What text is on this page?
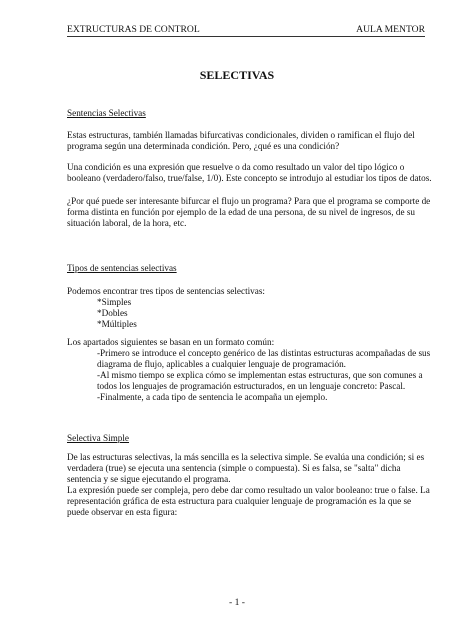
EXTRUCTURAS DE CONTROL	AULA MENTOR
SELECTIVAS
Sentencias Selectivas
Estas estructuras, también llamadas bifurcativas condicionales, dividen o ramifican el flujo del programa según una determinada condición. Pero, ¿qué es una condición?
Una condición es una expresión que resuelve o da como resultado un valor del tipo lógico o booleano (verdadero/falso, true/false, 1/0). Este concepto se introdujo al estudiar los tipos de datos.
¿Por qué puede ser interesante bifurcar el flujo un programa? Para que el programa se comporte de forma distinta en función por ejemplo de la edad de una persona, de su nivel de ingresos, de su situación laboral, de la hora, etc.
Tipos de sentencias selectivas
Podemos encontrar tres tipos de sentencias selectivas:
*Simples
*Dobles
*Múltiples
Los apartados siguientes se basan en un formato común:
-Primero se introduce el concepto genérico de las distintas estructuras acompañadas de sus diagrama de flujo, aplicables a cualquier lenguaje de programación.
-Al mismo tiempo se explica cómo se implementan estas estructuras, que son comunes a todos los lenguajes de programación estructurados, en un lenguaje concreto: Pascal.
-Finalmente, a cada tipo de sentencia le acompaña un ejemplo.
Selectiva Simple
De las estructuras selectivas, la más sencilla es la selectiva simple. Se evalúa una condición; si es verdadera (true) se ejecuta una sentencia (simple o compuesta). Si es falsa, se "salta" dicha sentencia y se sigue ejecutando el programa.
La expresión puede ser compleja, pero debe dar como resultado un valor booleano: true o false. La representación gráfica de esta estructura para cualquier lenguaje de programación es la que se puede observar en esta figura:
- 1 -
